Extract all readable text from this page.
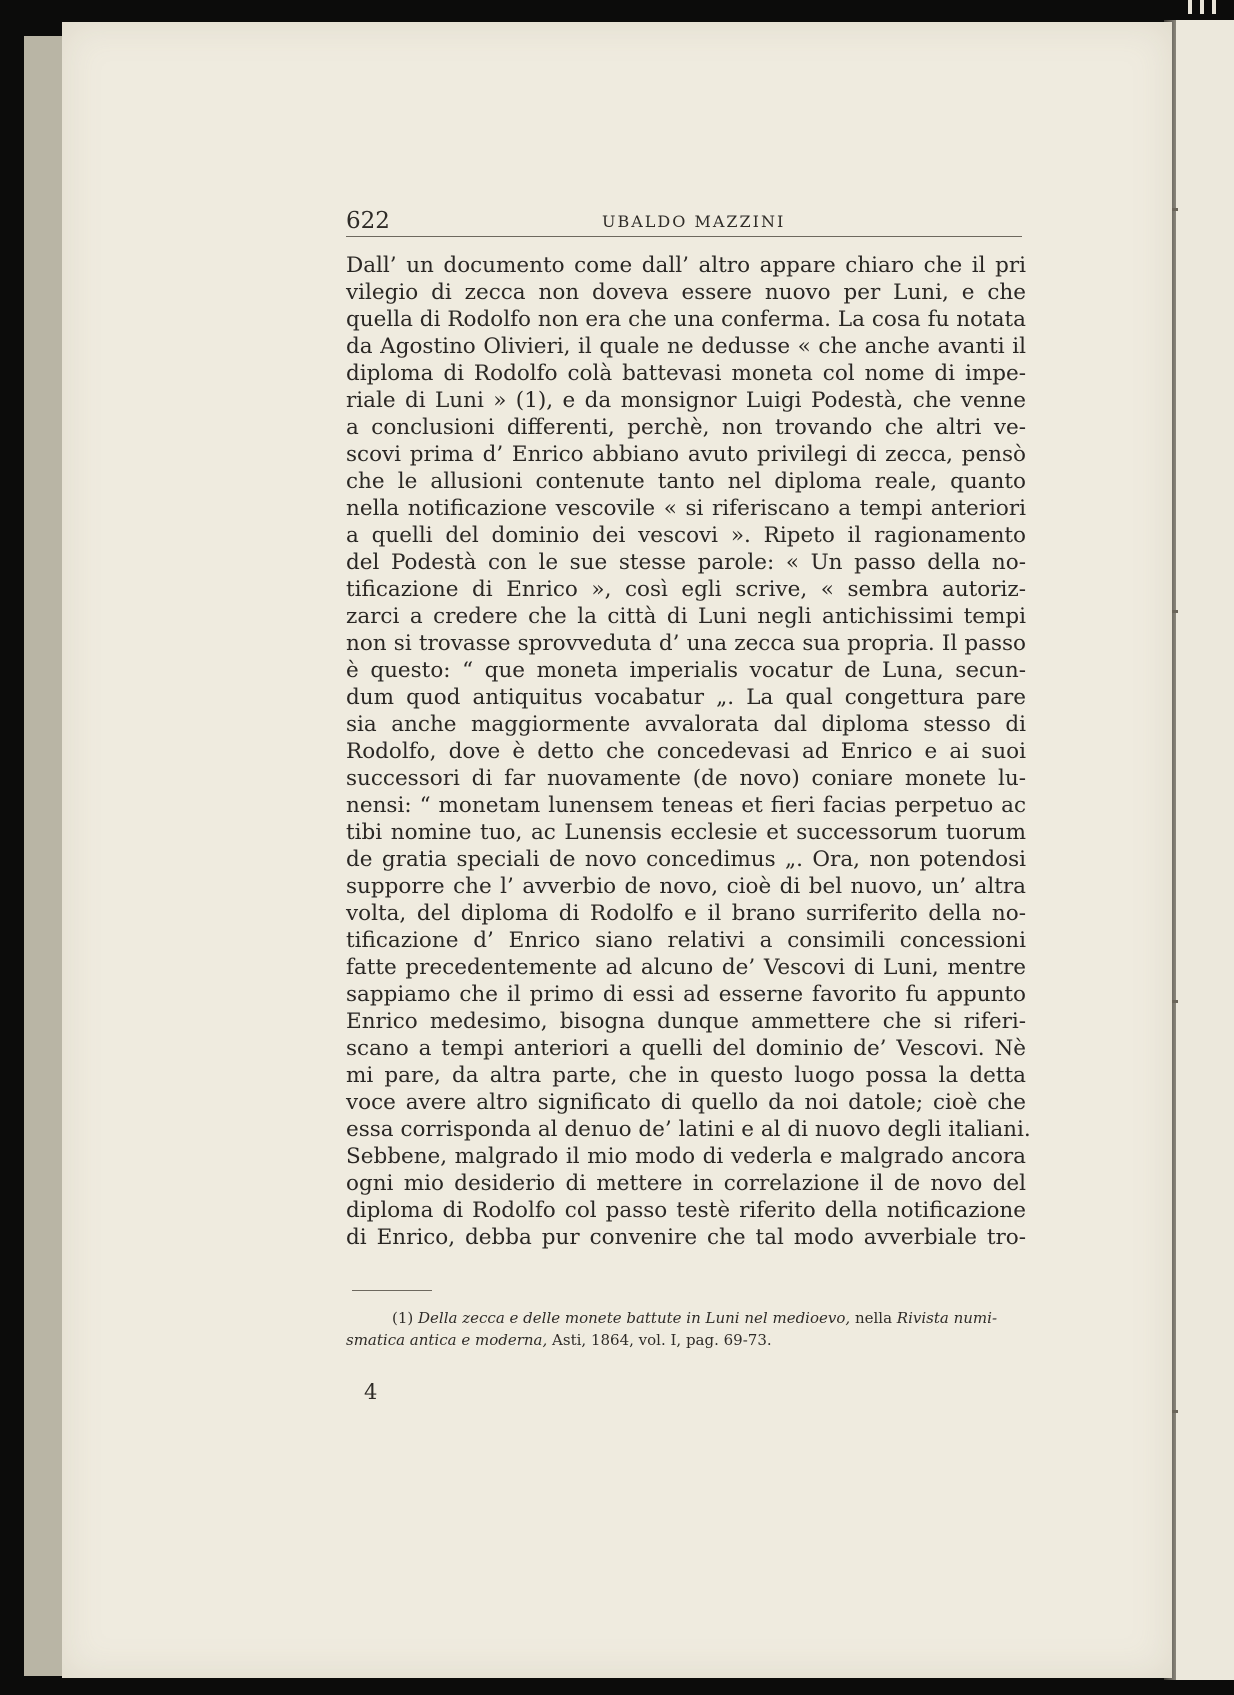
622	UBALDO MAZZINI
Dall’ un documento come dall’ altro appare chiaro che il pri
vilegio di zecca non doveva essere nuovo per Luni, e che
quella di Rodolfo non era che una conferma. La cosa fu notata
da Agostino Olivieri, il quale ne dedusse « che anche avanti il
diploma di Rodolfo colà battevasi moneta col nome di impe-
riale di Luni » (1), e da monsignor Luigi Podestà, che venne
a conclusioni differenti, perchè, non trovando che altri ve-
scovi prima d’ Enrico abbiano avuto privilegi di zecca, pensò
che le allusioni contenute tanto nel diploma reale, quanto
nella notificazione vescovile « si riferiscano a tempi anteriori
a quelli del dominio dei vescovi ». Ripeto il ragionamento
del Podestà con le sue stesse parole: « Un passo della no-
tificazione di Enrico », così egli scrive, « sembra autoriz-
zarci a credere che la città di Luni negli antichissimi tempi
non si trovasse sprovveduta d’ una zecca sua propria. Il passo
è questo: “ que moneta imperialis vocatur de Luna, secun-
dum quod antiquitus vocabatur „. La qual congettura pare
sia anche maggiormente avvalorata dal diploma stesso di
Rodolfo, dove è detto che concedevasi ad Enrico e ai suoi
successori di far nuovamente (de novo) coniare monete lu-
nensi: “ monetam lunensem teneas et fieri facias perpetuo ac
tibi nomine tuo, ac Lunensis ecclesie et successorum tuorum
de gratia speciali de novo concedimus „. Ora, non potendosi
supporre che l’ avverbio de novo, cioè di bel nuovo, un’ altra
volta, del diploma di Rodolfo e il brano surriferito della no-
tificazione d’ Enrico siano relativi a consimili concessioni
fatte precedentemente ad alcuno de’ Vescovi di Luni, mentre
sappiamo che il primo di essi ad esserne favorito fu appunto
Enrico medesimo, bisogna dunque ammettere che si riferi-
scano a tempi anteriori a quelli del dominio de’ Vescovi. Nè
mi pare, da altra parte, che in questo luogo possa la detta
voce avere altro significato di quello da noi datole; cioè che
essa corrisponda al denuo de’ latini e al di nuovo degli italiani.
Sebbene, malgrado il mio modo di vederla e malgrado ancora
ogni mio desiderio di mettere in correlazione il de novo del
diploma di Rodolfo col passo testè riferito della notificazione
di Enrico, debba pur convenire che tal modo avverbiale tro-
(1) Della zecca e delle monete battute in Luni nel medioevo, nella Rivista numi-
smatica antica e moderna, Asti, 1864, vol. I, pag. 69-73.
4
